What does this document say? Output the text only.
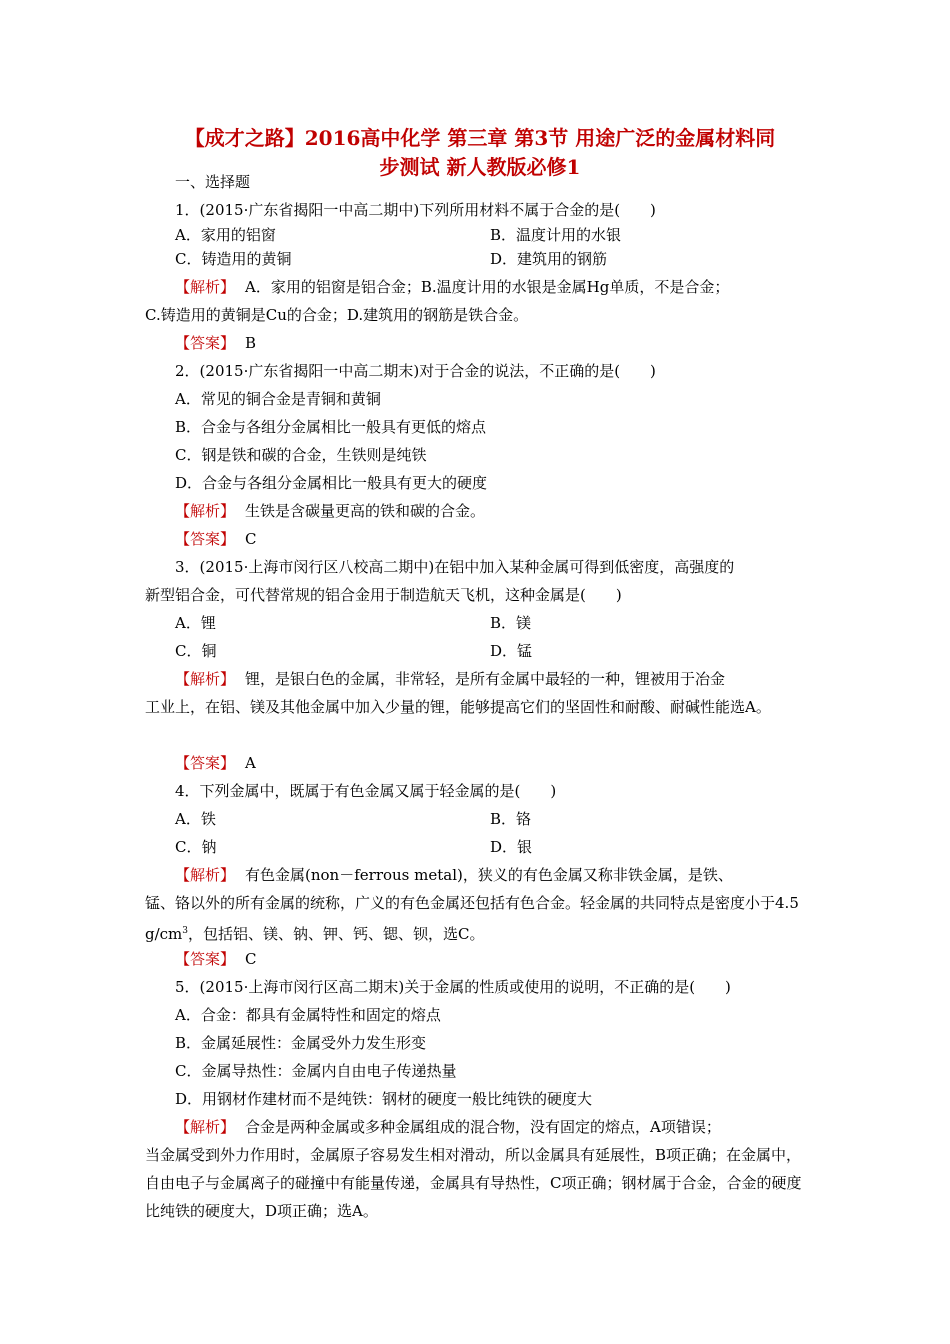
【成才之路】2016高中化学 第三章 第3节 用途广泛的金属材料同
步测试 新人教版必修1
一、选择题
1．(2015·广东省揭阳一中高二期中)下列所用材料不属于合金的是(　　)
A．家用的铝窗	B．温度计用的水银
C．铸造用的黄铜	D．建筑用的钢筋
【解析】 A．家用的铝窗是铝合金；B.温度计用的水银是金属Hg单质，不是合金；
C.铸造用的黄铜是Cu的合金；D.建筑用的钢筋是铁合金。
【答案】 B
2．(2015·广东省揭阳一中高二期末)对于合金的说法，不正确的是(　　)
A．常见的铜合金是青铜和黄铜
B．合金与各组分金属相比一般具有更低的熔点
C．钢是铁和碳的合金，生铁则是纯铁
D．合金与各组分金属相比一般具有更大的硬度
【解析】 生铁是含碳量更高的铁和碳的合金。
【答案】 C
3．(2015·上海市闵行区八校高二期中)在铝中加入某种金属可得到低密度，高强度的
新型铝合金，可代替常规的铝合金用于制造航天飞机，这种金属是(　　)
A．锂	B．镁
C．铜	D．锰
【解析】 锂，是银白色的金属，非常轻，是所有金属中最轻的一种，锂被用于冶金
工业上，在铝、镁及其他金属中加入少量的锂，能够提高它们的坚固性和耐酸、耐碱性能选A。
【答案】 A
4．下列金属中，既属于有色金属又属于轻金属的是(　　)
A．铁	B．铬
C．钠	D．银
【解析】 有色金属(non－ferrous metal)，狭义的有色金属又称非铁金属，是铁、
锰、铬以外的所有金属的统称，广义的有色金属还包括有色合金。轻金属的共同特点是密度小于4.5 $g/cm^3$，包括铝、镁、钠、钾、钙、锶、钡，选C。
【答案】 C
5．(2015·上海市闵行区高二期末)关于金属的性质或使用的说明，不正确的是(　　)
A．合金：都具有金属特性和固定的熔点
B．金属延展性：金属受外力发生形变
C．金属导热性：金属内自由电子传递热量
D．用钢材作建材而不是纯铁：钢材的硬度一般比纯铁的硬度大
【解析】 合金是两种金属或多种金属组成的混合物，没有固定的熔点，A项错误；
当金属受到外力作用时，金属原子容易发生相对滑动，所以金属具有延展性，B项正确；在金属中，自由电子与金属离子的碰撞中有能量传递，金属具有导热性，C项正确；钢材属于合金，合金的硬度比纯铁的硬度大，D项正确；选A。
